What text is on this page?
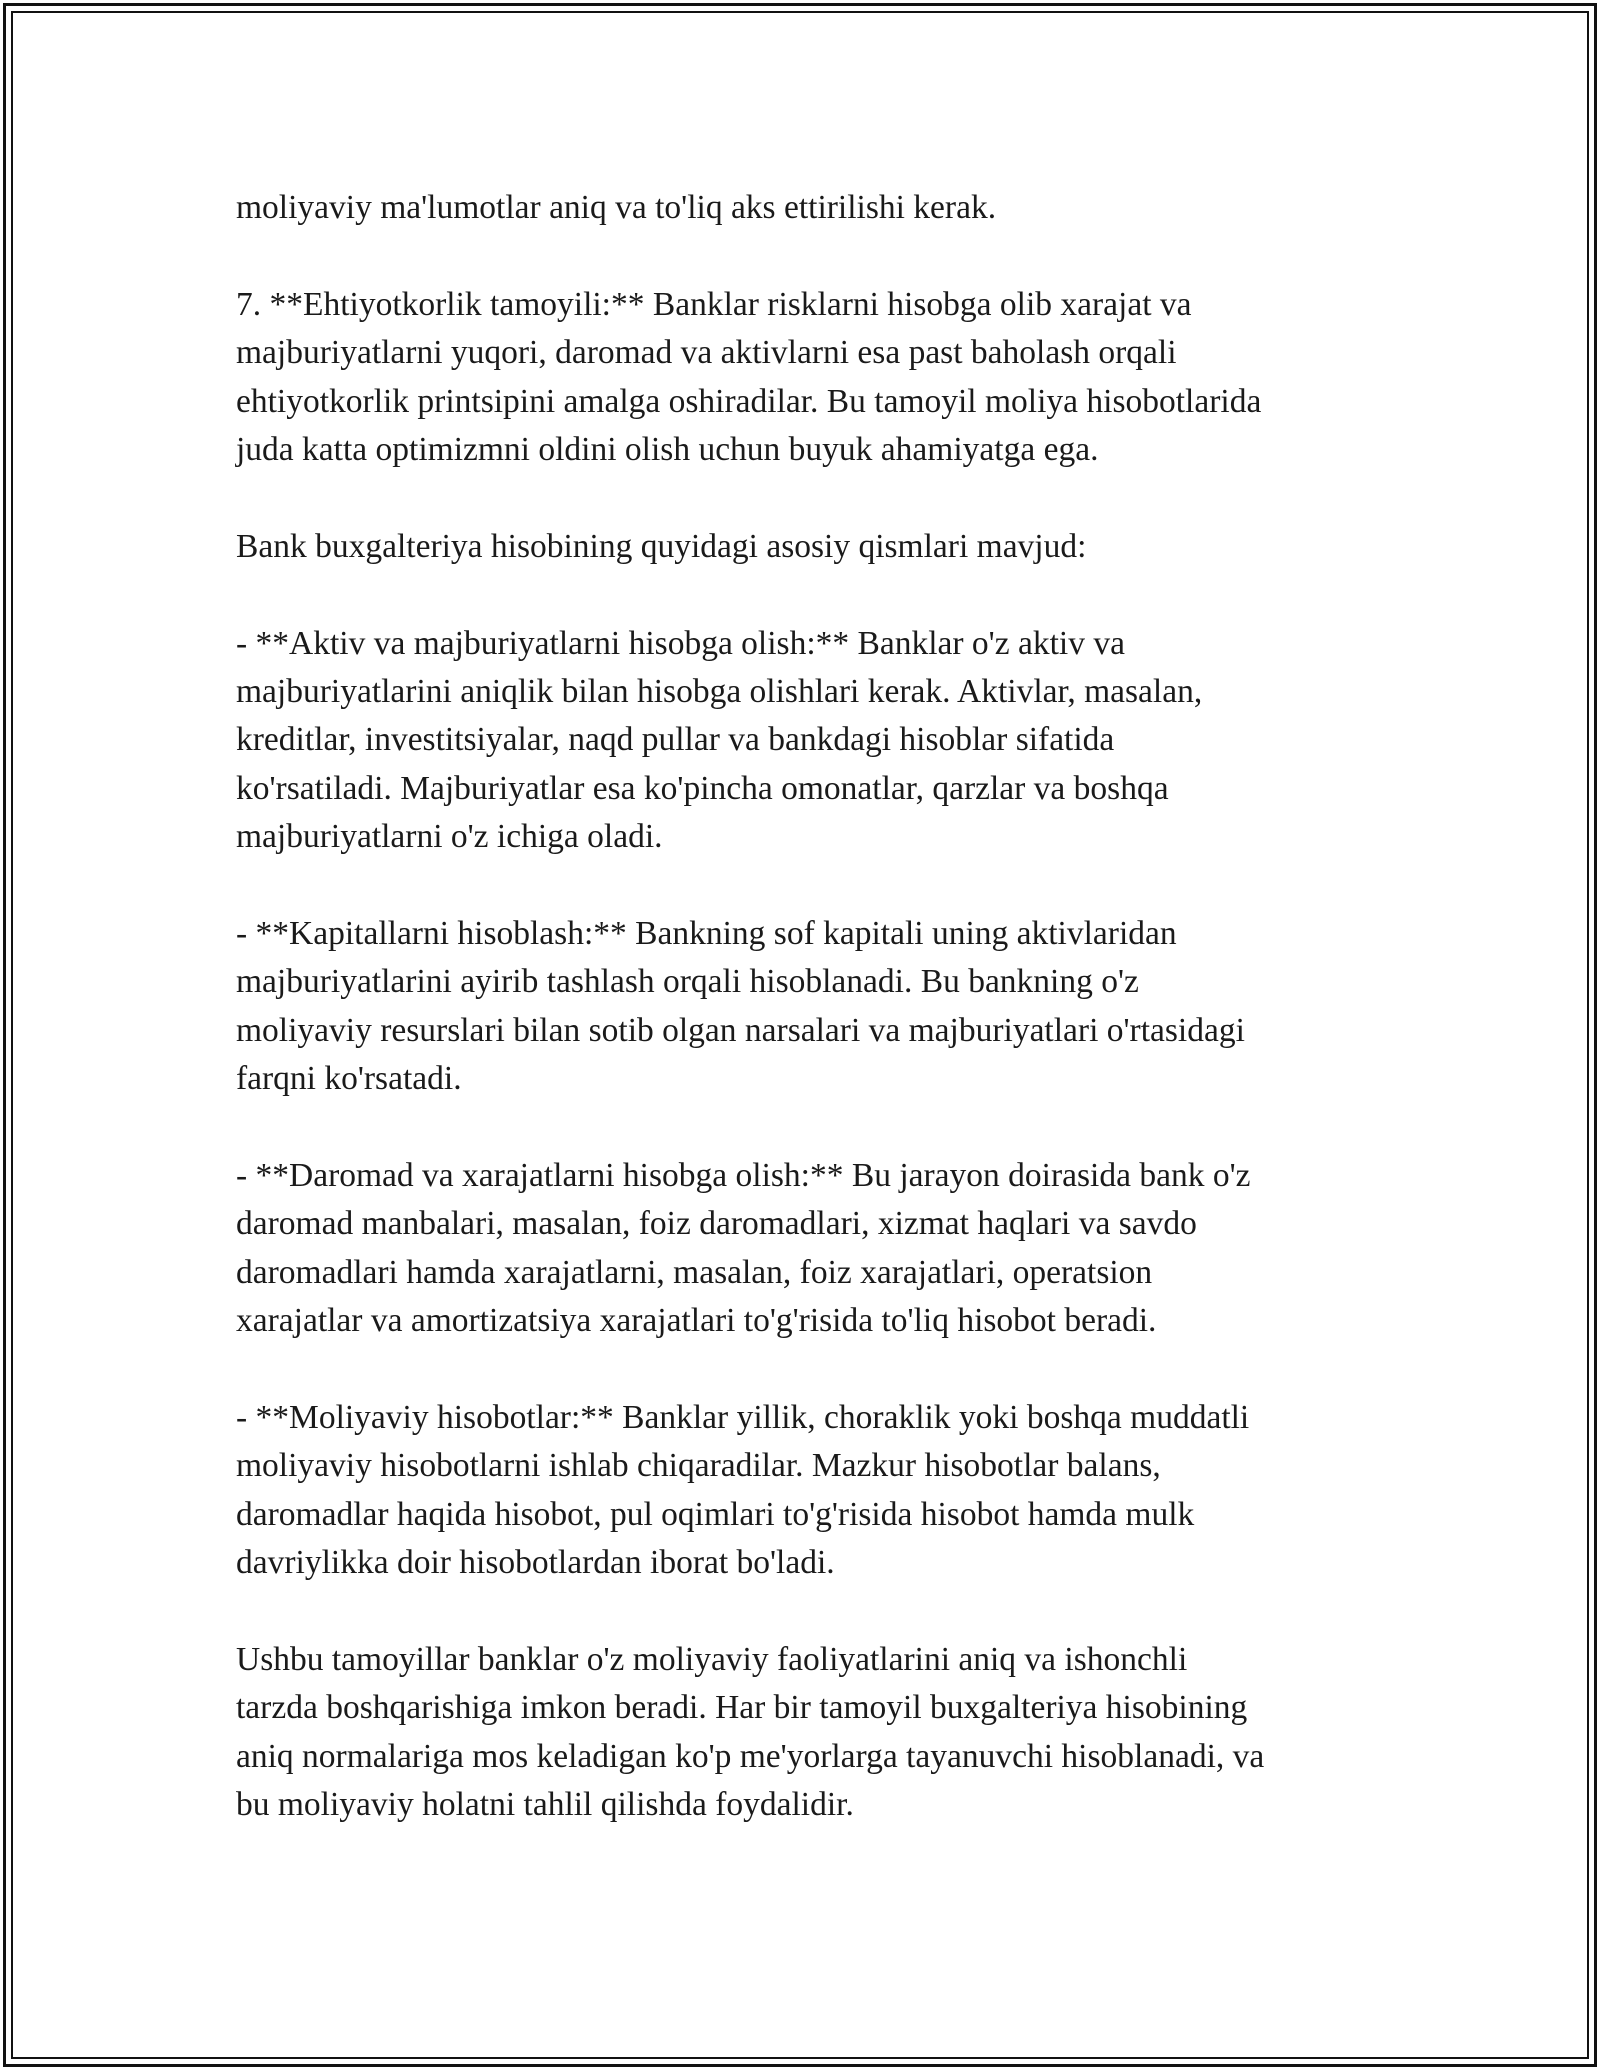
moliyaviy ma'lumotlar aniq va to'liq aks ettirilishi kerak.

7. **Ehtiyotkorlik tamoyili:** Banklar risklarni hisobga olib xarajat va
majburiyatlarni yuqori, daromad va aktivlarni esa past baholash orqali
ehtiyotkorlik printsipini amalga oshiradilar. Bu tamoyil moliya hisobotlarida
juda katta optimizmni oldini olish uchun buyuk ahamiyatga ega.

Bank buxgalteriya hisobining quyidagi asosiy qismlari mavjud:

- **Aktiv va majburiyatlarni hisobga olish:** Banklar o'z aktiv va
majburiyatlarini aniqlik bilan hisobga olishlari kerak. Aktivlar, masalan,
kreditlar, investitsiyalar, naqd pullar va bankdagi hisoblar sifatida
ko'rsatiladi. Majburiyatlar esa ko'pincha omonatlar, qarzlar va boshqa
majburiyatlarni o'z ichiga oladi.

- **Kapitallarni hisoblash:** Bankning sof kapitali uning aktivlaridan
majburiyatlarini ayirib tashlash orqali hisoblanadi. Bu bankning o'z
moliyaviy resurslari bilan sotib olgan narsalari va majburiyatlari o'rtasidagi
farqni ko'rsatadi.

- **Daromad va xarajatlarni hisobga olish:** Bu jarayon doirasida bank o'z
daromad manbalari, masalan, foiz daromadlari, xizmat haqlari va savdo
daromadlari hamda xarajatlarni, masalan, foiz xarajatlari, operatsion
xarajatlar va amortizatsiya xarajatlari to'g'risida to'liq hisobot beradi.

- **Moliyaviy hisobotlar:** Banklar yillik, choraklik yoki boshqa muddatli
moliyaviy hisobotlarni ishlab chiqaradilar. Mazkur hisobotlar balans,
daromadlar haqida hisobot, pul oqimlari to'g'risida hisobot hamda mulk
davriylikka doir hisobotlardan iborat bo'ladi.

Ushbu tamoyillar banklar o'z moliyaviy faoliyatlarini aniq va ishonchli
tarzda boshqarishiga imkon beradi. Har bir tamoyil buxgalteriya hisobining
aniq normalariga mos keladigan ko'p me'yorlarga tayanuvchi hisoblanadi, va
bu moliyaviy holatni tahlil qilishda foydalidir.
